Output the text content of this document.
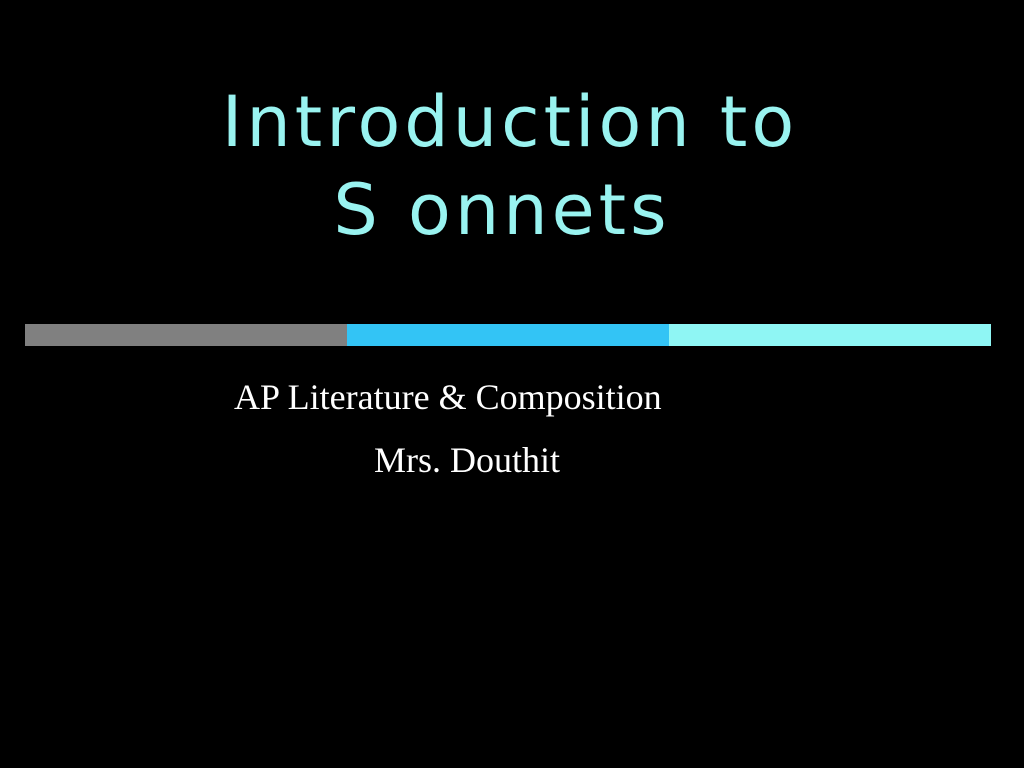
Introduction to
S onnets
AP Literature & Composition
Mrs. Douthit
